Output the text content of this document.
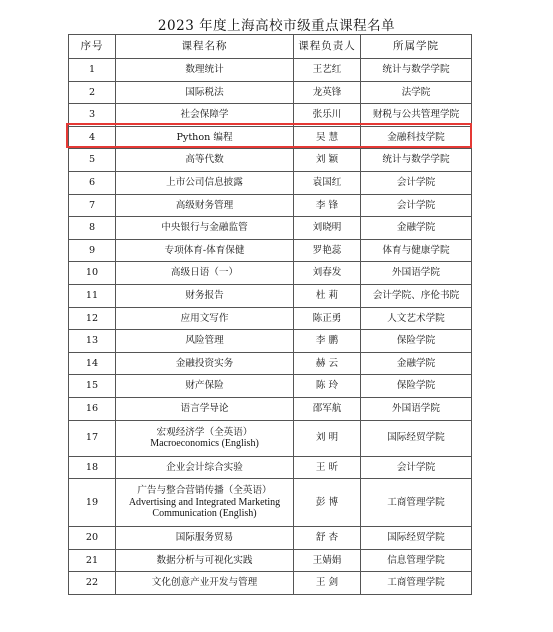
2023 年度上海高校市级重点课程名单
序号	课程名称	课程负责人	所属学院
1	数理统计	王艺红	统计与数学学院
2	国际税法	龙英锋	法学院
3	社会保障学	张乐川	财税与公共管理学院
4	Python 编程	吴 慧	金融科技学院
5	高等代数	刘 颖	统计与数学学院
6	上市公司信息披露	袁国红	会计学院
7	高级财务管理	李 锋	会计学院
8	中央银行与金融监管	刘晓明	金融学院
9	专项体育-体育保健	罗艳蕊	体育与健康学院
10	高级日语（一）	刘春发	外国语学院
11	财务报告	杜 莉	会计学院、序伦书院
12	应用文写作	陈正勇	人文艺术学院
13	风险管理	李 鹏	保险学院
14	金融投资实务	赫 云	金融学院
15	财产保险	陈 玲	保险学院
16	语言学导论	邵军航	外国语学院
17	宏观经济学（全英语）
Macroeconomics (English)	刘 明	国际经贸学院
18	企业会计综合实验	王 昕	会计学院
19	广告与整合营销传播（全英语）
Advertising and Integrated Marketing Communication (English)	彭 博	工商管理学院
20	国际服务贸易	舒 杏	国际经贸学院
21	数据分析与可视化实践	王婧娟	信息管理学院
22	文化创意产业开发与管理	王 剑	工商管理学院
